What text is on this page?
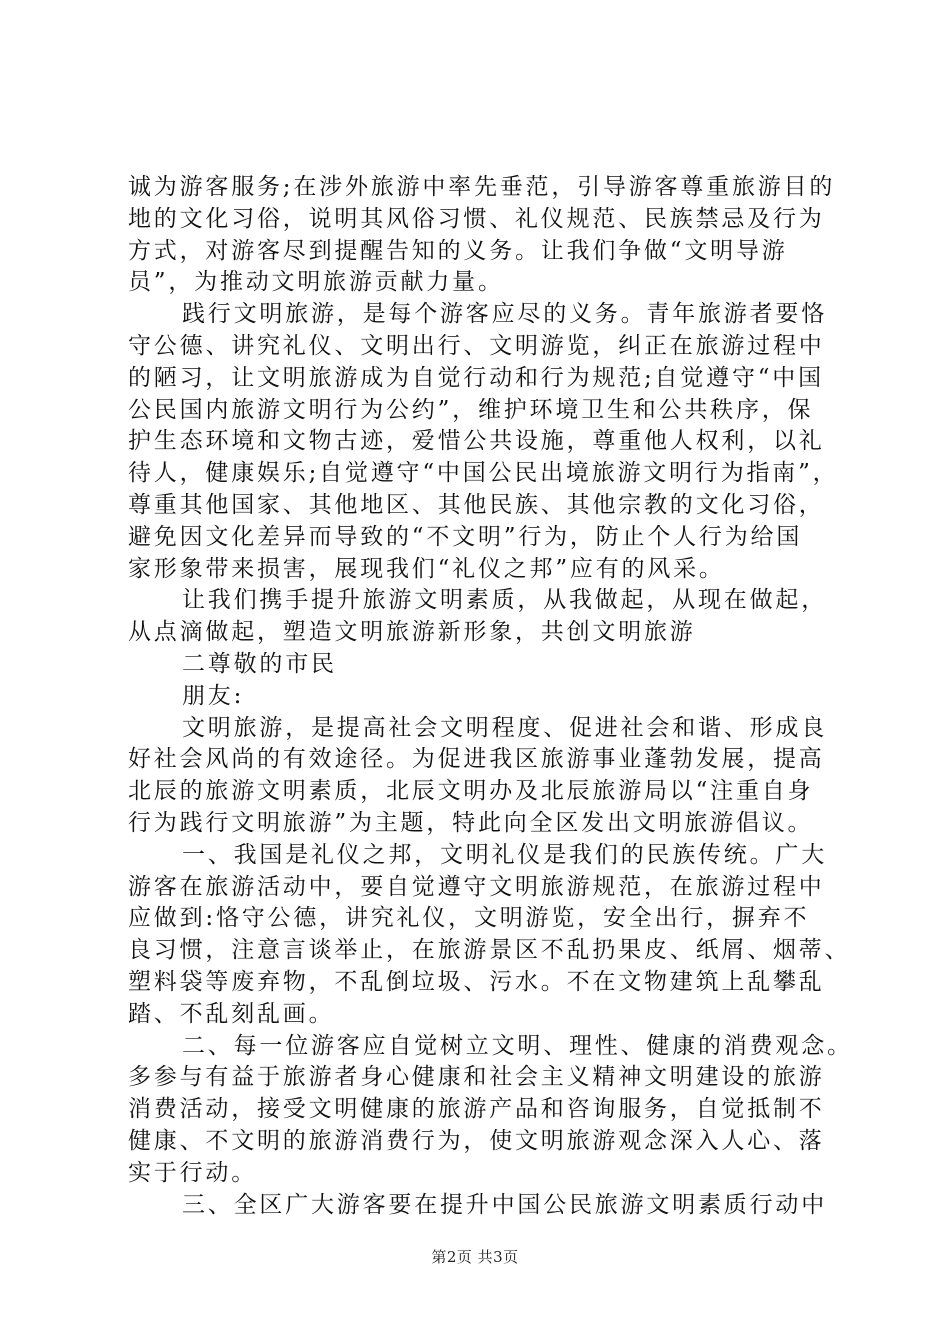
诚为游客服务;在涉外旅游中率先垂范，引导游客尊重旅游目的
地的文化习俗，说明其风俗习惯、礼仪规范、民族禁忌及行为
方式，对游客尽到提醒告知的义务。让我们争做“文明导游
员”，为推动文明旅游贡献力量。
践行文明旅游，是每个游客应尽的义务。青年旅游者要恪
守公德、讲究礼仪、文明出行、文明游览，纠正在旅游过程中
的陋习，让文明旅游成为自觉行动和行为规范;自觉遵守“中国
公民国内旅游文明行为公约”，维护环境卫生和公共秩序，保
护生态环境和文物古迹，爱惜公共设施，尊重他人权利，以礼
待人，健康娱乐;自觉遵守“中国公民出境旅游文明行为指南”，
尊重其他国家、其他地区、其他民族、其他宗教的文化习俗，
避免因文化差异而导致的“不文明”行为，防止个人行为给国
家形象带来损害，展现我们“礼仪之邦”应有的风采。
让我们携手提升旅游文明素质，从我做起，从现在做起，
从点滴做起，塑造文明旅游新形象，共创文明旅游
二尊敬的市民
朋友:
文明旅游，是提高社会文明程度、促进社会和谐、形成良
好社会风尚的有效途径。为促进我区旅游事业蓬勃发展，提高
北辰的旅游文明素质，北辰文明办及北辰旅游局以“注重自身
行为践行文明旅游”为主题，特此向全区发出文明旅游倡议。
一、我国是礼仪之邦，文明礼仪是我们的民族传统。广大
游客在旅游活动中，要自觉遵守文明旅游规范，在旅游过程中
应做到:恪守公德，讲究礼仪，文明游览，安全出行，摒弃不
良习惯，注意言谈举止，在旅游景区不乱扔果皮、纸屑、烟蒂、
塑料袋等废弃物，不乱倒垃圾、污水。不在文物建筑上乱攀乱
踏、不乱刻乱画。
二、每一位游客应自觉树立文明、理性、健康的消费观念。
多参与有益于旅游者身心健康和社会主义精神文明建设的旅游
消费活动，接受文明健康的旅游产品和咨询服务，自觉抵制不
健康、不文明的旅游消费行为，使文明旅游观念深入人心、落
实于行动。
三、全区广大游客要在提升中国公民旅游文明素质行动中
第2页 共3页
